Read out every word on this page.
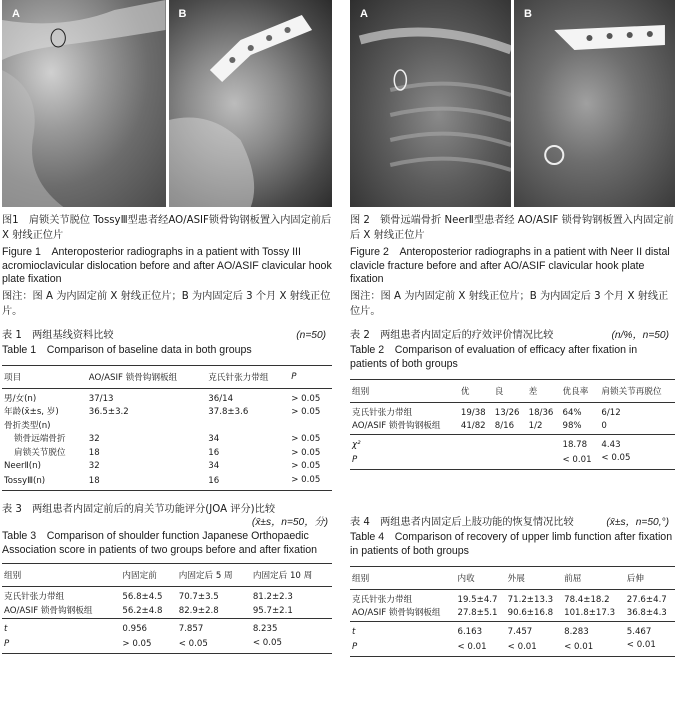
A	B
图1　肩锁关节脱位 TossyⅢ型患者经AO/ASIF锁骨钩钢板置入内固定前后 X 射线正位片
Figure 1　Anteroposterior radiographs in a patient with Tossy III acromioclavicular dislocation before and after AO/ASIF clavicular hook plate fixation
图注：图 A 为内固定前 X 射线正位片；B 为内固定后 3 个月 X 射线正位片。
表 1　两组基线资料比较	(n=50)
Table 1　Comparison of baseline data in both groups
项目	AO/ASIF 锁骨钩钢板组	克氏针张力带组	P
男/女(n)	37/13	36/14	> 0.05
年龄(x̄±s, 岁)	36.5±3.2	37.8±3.6	> 0.05
骨折类型(n)			
锁骨远端骨折	32	34	> 0.05
肩锁关节脱位	18	16	> 0.05
NeerⅡ(n)	32	34	> 0.05
TossyⅢ(n)	18	16	> 0.05
表 3　两组患者内固定前后的肩关节功能评分(JOA 评分)比较
(x̄±s，n=50，分)
Table 3　Comparison of shoulder function Japanese Orthopaedic Association score in patients of two groups before and after fixation
组别	内固定前	内固定后 5 周	内固定后 10 周
克氏针张力带组	56.8±4.5	70.7±3.5	81.2±2.3
AO/ASIF 锁骨钩钢板组	56.2±4.8	82.9±2.8	95.7±2.1
t	0.956	7.857	8.235
P	> 0.05	< 0.05	< 0.05
A	B
图 2　锁骨远端骨折 NeerⅡ型患者经 AO/ASIF 锁骨钩钢板置入内固定前后 X 射线正位片
Figure 2　Anteroposterior radiographs in a patient with Neer II distal clavicle fracture before and after AO/ASIF clavicular hook plate fixation
图注：图 A 为内固定前 X 射线正位片；B 为内固定后 3 个月 X 射线正位片。
表 2　两组患者内固定后的疗效评价情况比较	(n/%，n=50)
Table 2　Comparison of evaluation of efficacy after fixation in patients of both groups
组别	优	良	差	优良率	肩锁关节再脱位
克氏针张力带组	19/38	13/26	18/36	64%	6/12
AO/ASIF 锁骨钩钢板组	41/82	8/16	1/2	98%	0
χ²				18.78	4.43
P				< 0.01	< 0.05
表 4　两组患者内固定后上肢功能的恢复情况比较	(x̄±s，n=50,°)
Table 4　Comparison of recovery of upper limb function after fixation in patients of both groups
组别	内收	外展	前屈	后伸
克氏针张力带组	19.5±4.7	71.2±13.3	78.4±18.2	27.6±4.7
AO/ASIF 锁骨钩钢板组	27.8±5.1	90.6±16.8	101.8±17.3	36.8±4.3
t	6.163	7.457	8.283	5.467
P	< 0.01	< 0.01	< 0.01	< 0.01
